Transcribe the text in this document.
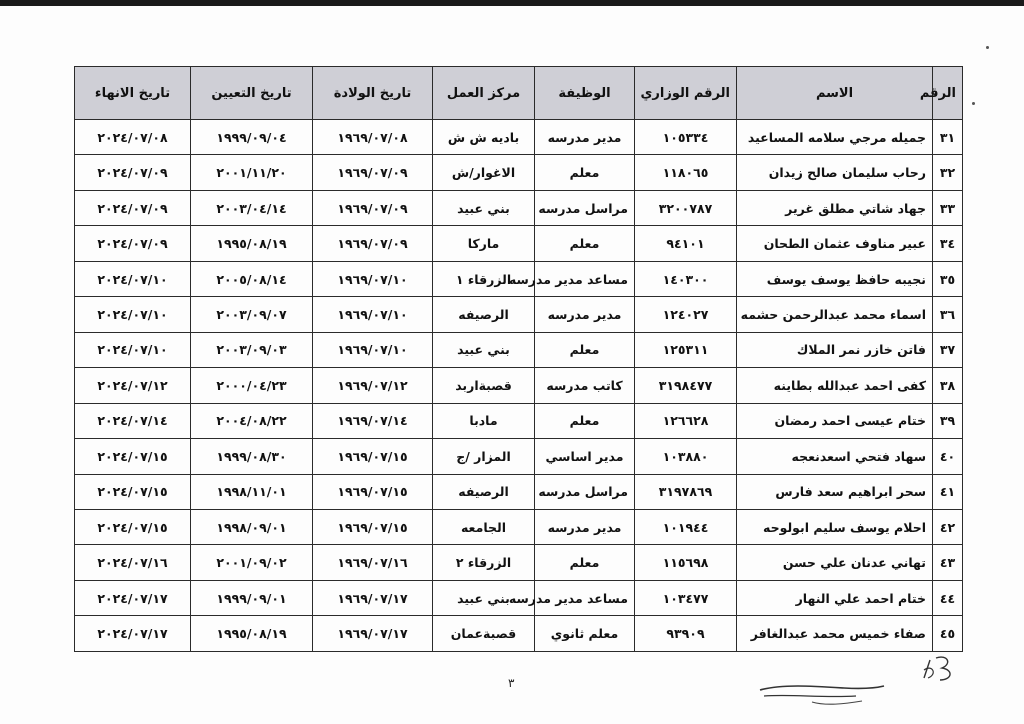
الرقم	الاسم	الرقم الوزاري	الوظيفة	مركز العمل	تاريخ الولادة	تاريخ التعيين	تاريخ الانهاء
٣١	جميله مرجي سلامه المساعيد	١٠٥٣٣٤	مدير مدرسه	باديه ش ش	١٩٦٩/٠٧/٠٨	١٩٩٩/٠٩/٠٤	٢٠٢٤/٠٧/٠٨
٣٢	رحاب سليمان صالح زيدان	١١٨٠٦٥	معلم	الاغوار/ش	١٩٦٩/٠٧/٠٩	٢٠٠١/١١/٢٠	٢٠٢٤/٠٧/٠٩
٣٣	جهاد شاتي مطلق غرير	٣٢٠٠٧٨٧	مراسل مدرسه	بني عبيد	١٩٦٩/٠٧/٠٩	٢٠٠٣/٠٤/١٤	٢٠٢٤/٠٧/٠٩
٣٤	عبير مناوف عثمان الطحان	٩٤١٠١	معلم	ماركا	١٩٦٩/٠٧/٠٩	١٩٩٥/٠٨/١٩	٢٠٢٤/٠٧/٠٩
٣٥	نجيبه حافظ يوسف يوسف	١٤٠٣٠٠	مساعد مدير مدرسه	الزرقاء ١	١٩٦٩/٠٧/١٠	٢٠٠٥/٠٨/١٤	٢٠٢٤/٠٧/١٠
٣٦	اسماء محمد عبدالرحمن حشمه	١٢٤٠٢٧	مدير مدرسه	الرصيفه	١٩٦٩/٠٧/١٠	٢٠٠٣/٠٩/٠٧	٢٠٢٤/٠٧/١٠
٣٧	فاتن خازر نمر الملاك	١٢٥٣١١	معلم	بني عبيد	١٩٦٩/٠٧/١٠	٢٠٠٣/٠٩/٠٣	٢٠٢٤/٠٧/١٠
٣٨	كفى احمد عبدالله بطاينه	٣١٩٨٤٧٧	كاتب مدرسه	قصبةاربد	١٩٦٩/٠٧/١٢	٢٠٠٠/٠٤/٢٣	٢٠٢٤/٠٧/١٢
٣٩	ختام عيسى احمد رمضان	١٢٦٦٢٨	معلم	مادبا	١٩٦٩/٠٧/١٤	٢٠٠٤/٠٨/٢٢	٢٠٢٤/٠٧/١٤
٤٠	سهاد فتحي اسعدنعجه	١٠٣٨٨٠	مدير اساسي	المزار /ج	١٩٦٩/٠٧/١٥	١٩٩٩/٠٨/٣٠	٢٠٢٤/٠٧/١٥
٤١	سحر ابراهيم سعد فارس	٣١٩٧٨٦٩	مراسل مدرسه	الرصيفه	١٩٦٩/٠٧/١٥	١٩٩٨/١١/٠١	٢٠٢٤/٠٧/١٥
٤٢	احلام يوسف سليم ابولوحه	١٠١٩٤٤	مدير مدرسه	الجامعه	١٩٦٩/٠٧/١٥	١٩٩٨/٠٩/٠١	٢٠٢٤/٠٧/١٥
٤٣	تهاني عدنان علي حسن	١١٥٦٩٨	معلم	الزرقاء ٢	١٩٦٩/٠٧/١٦	٢٠٠١/٠٩/٠٢	٢٠٢٤/٠٧/١٦
٤٤	ختام احمد علي النهار	١٠٣٤٧٧	مساعد مدير مدرسه	بني عبيد	١٩٦٩/٠٧/١٧	١٩٩٩/٠٩/٠١	٢٠٢٤/٠٧/١٧
٤٥	صفاء خميس محمد عبدالغافر	٩٣٩٠٩	معلم ثانوي	قصبةعمان	١٩٦٩/٠٧/١٧	١٩٩٥/٠٨/١٩	٢٠٢٤/٠٧/١٧
٣
